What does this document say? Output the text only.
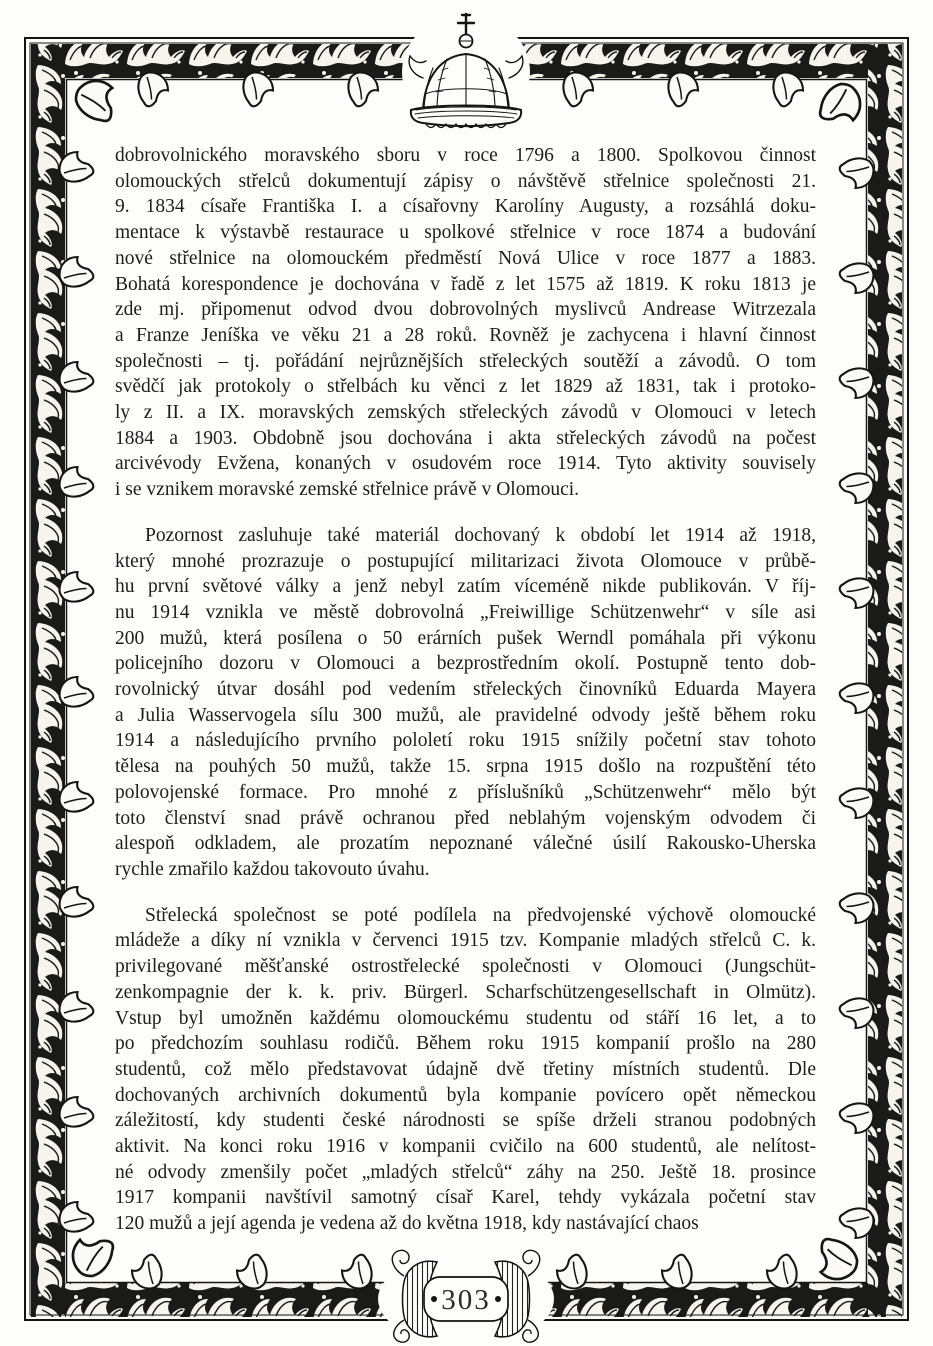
303
dobrovolnického moravského sboru v roce 1796 a 1800. Spolkovou činnost
olomouckých střelců dokumentují zápisy o návštěvě střelnice společnosti 21.
9. 1834 císaře Františka I. a císařovny Karolíny Augusty, a rozsáhlá doku-
mentace k výstavbě restaurace u spolkové střelnice v roce 1874 a budování
nové střelnice na olomouckém předměstí Nová Ulice v roce 1877 a 1883.
Bohatá korespondence je dochována v řadě z let 1575 až 1819. K roku 1813 je
zde mj. připomenut odvod dvou dobrovolných myslivců Andrease Witrzezala
a Franze Jeníška ve věku 21 a 28 roků. Rovněž je zachycena i hlavní činnost
společnosti – tj. pořádání nejrůznějších střeleckých soutěží a závodů. O tom
svědčí jak protokoly o střelbách ku věnci z let 1829 až 1831, tak i protoko-
ly z II. a IX. moravských zemských střeleckých závodů v Olomouci v letech
1884 a 1903. Obdobně jsou dochována i akta střeleckých závodů na počest
arcivévody Evžena, konaných v osudovém roce 1914. Tyto aktivity souvisely
i se vznikem moravské zemské střelnice právě v Olomouci.
Pozornost zasluhuje také materiál dochovaný k období let 1914 až 1918,
který mnohé prozrazuje o postupující militarizaci života Olomouce v průbě-
hu první světové války a jenž nebyl zatím víceméně nikde publikován. V říj-
nu 1914 vznikla ve městě dobrovolná „Freiwillige Schützenwehr“ v síle asi
200 mužů, která posílena o 50 erárních pušek Werndl pomáhala při výkonu
policejního dozoru v Olomouci a bezprostředním okolí. Postupně tento dob-
rovolnický útvar dosáhl pod vedením střeleckých činovníků Eduarda Mayera
a Julia Wasservogela sílu 300 mužů, ale pravidelné odvody ještě během roku
1914 a následujícího prvního pololetí roku 1915 snížily početní stav tohoto
tělesa na pouhých 50 mužů, takže 15. srpna 1915 došlo na rozpuštění této
polovojenské formace. Pro mnohé z příslušníků „Schützenwehr“ mělo být
toto členství snad právě ochranou před neblahým vojenským odvodem či
alespoň odkladem, ale prozatím nepoznané válečné úsilí Rakousko-Uherska
rychle zmařilo každou takovouto úvahu.
Střelecká společnost se poté podílela na předvojenské výchově olomoucké
mládeže a díky ní vznikla v červenci 1915 tzv. Kompanie mladých střelců C. k.
privilegované měšťanské ostrostřelecké společnosti v Olomouci (Jungschüt-
zenkompagnie der k. k. priv. Bürgerl. Scharfschützengesellschaft in Olmütz).
Vstup byl umožněn každému olomouckému studentu od stáří 16 let, a to
po předchozím souhlasu rodičů. Během roku 1915 kompanií prošlo na 280
studentů, což mělo představovat údajně dvě třetiny místních studentů. Dle
dochovaných archivních dokumentů byla kompanie povícero opět německou
záležitostí, kdy studenti české národnosti se spíše drželi stranou podobných
aktivit. Na konci roku 1916 v kompanii cvičilo na 600 studentů, ale nelítost-
né odvody zmenšily počet „mladých střelců“ záhy na 250. Ještě 18. prosince
1917 kompanii navštívil samotný císař Karel, tehdy vykázala početní stav
120 mužů a její agenda je vedena až do května 1918, kdy nastávající chaos
